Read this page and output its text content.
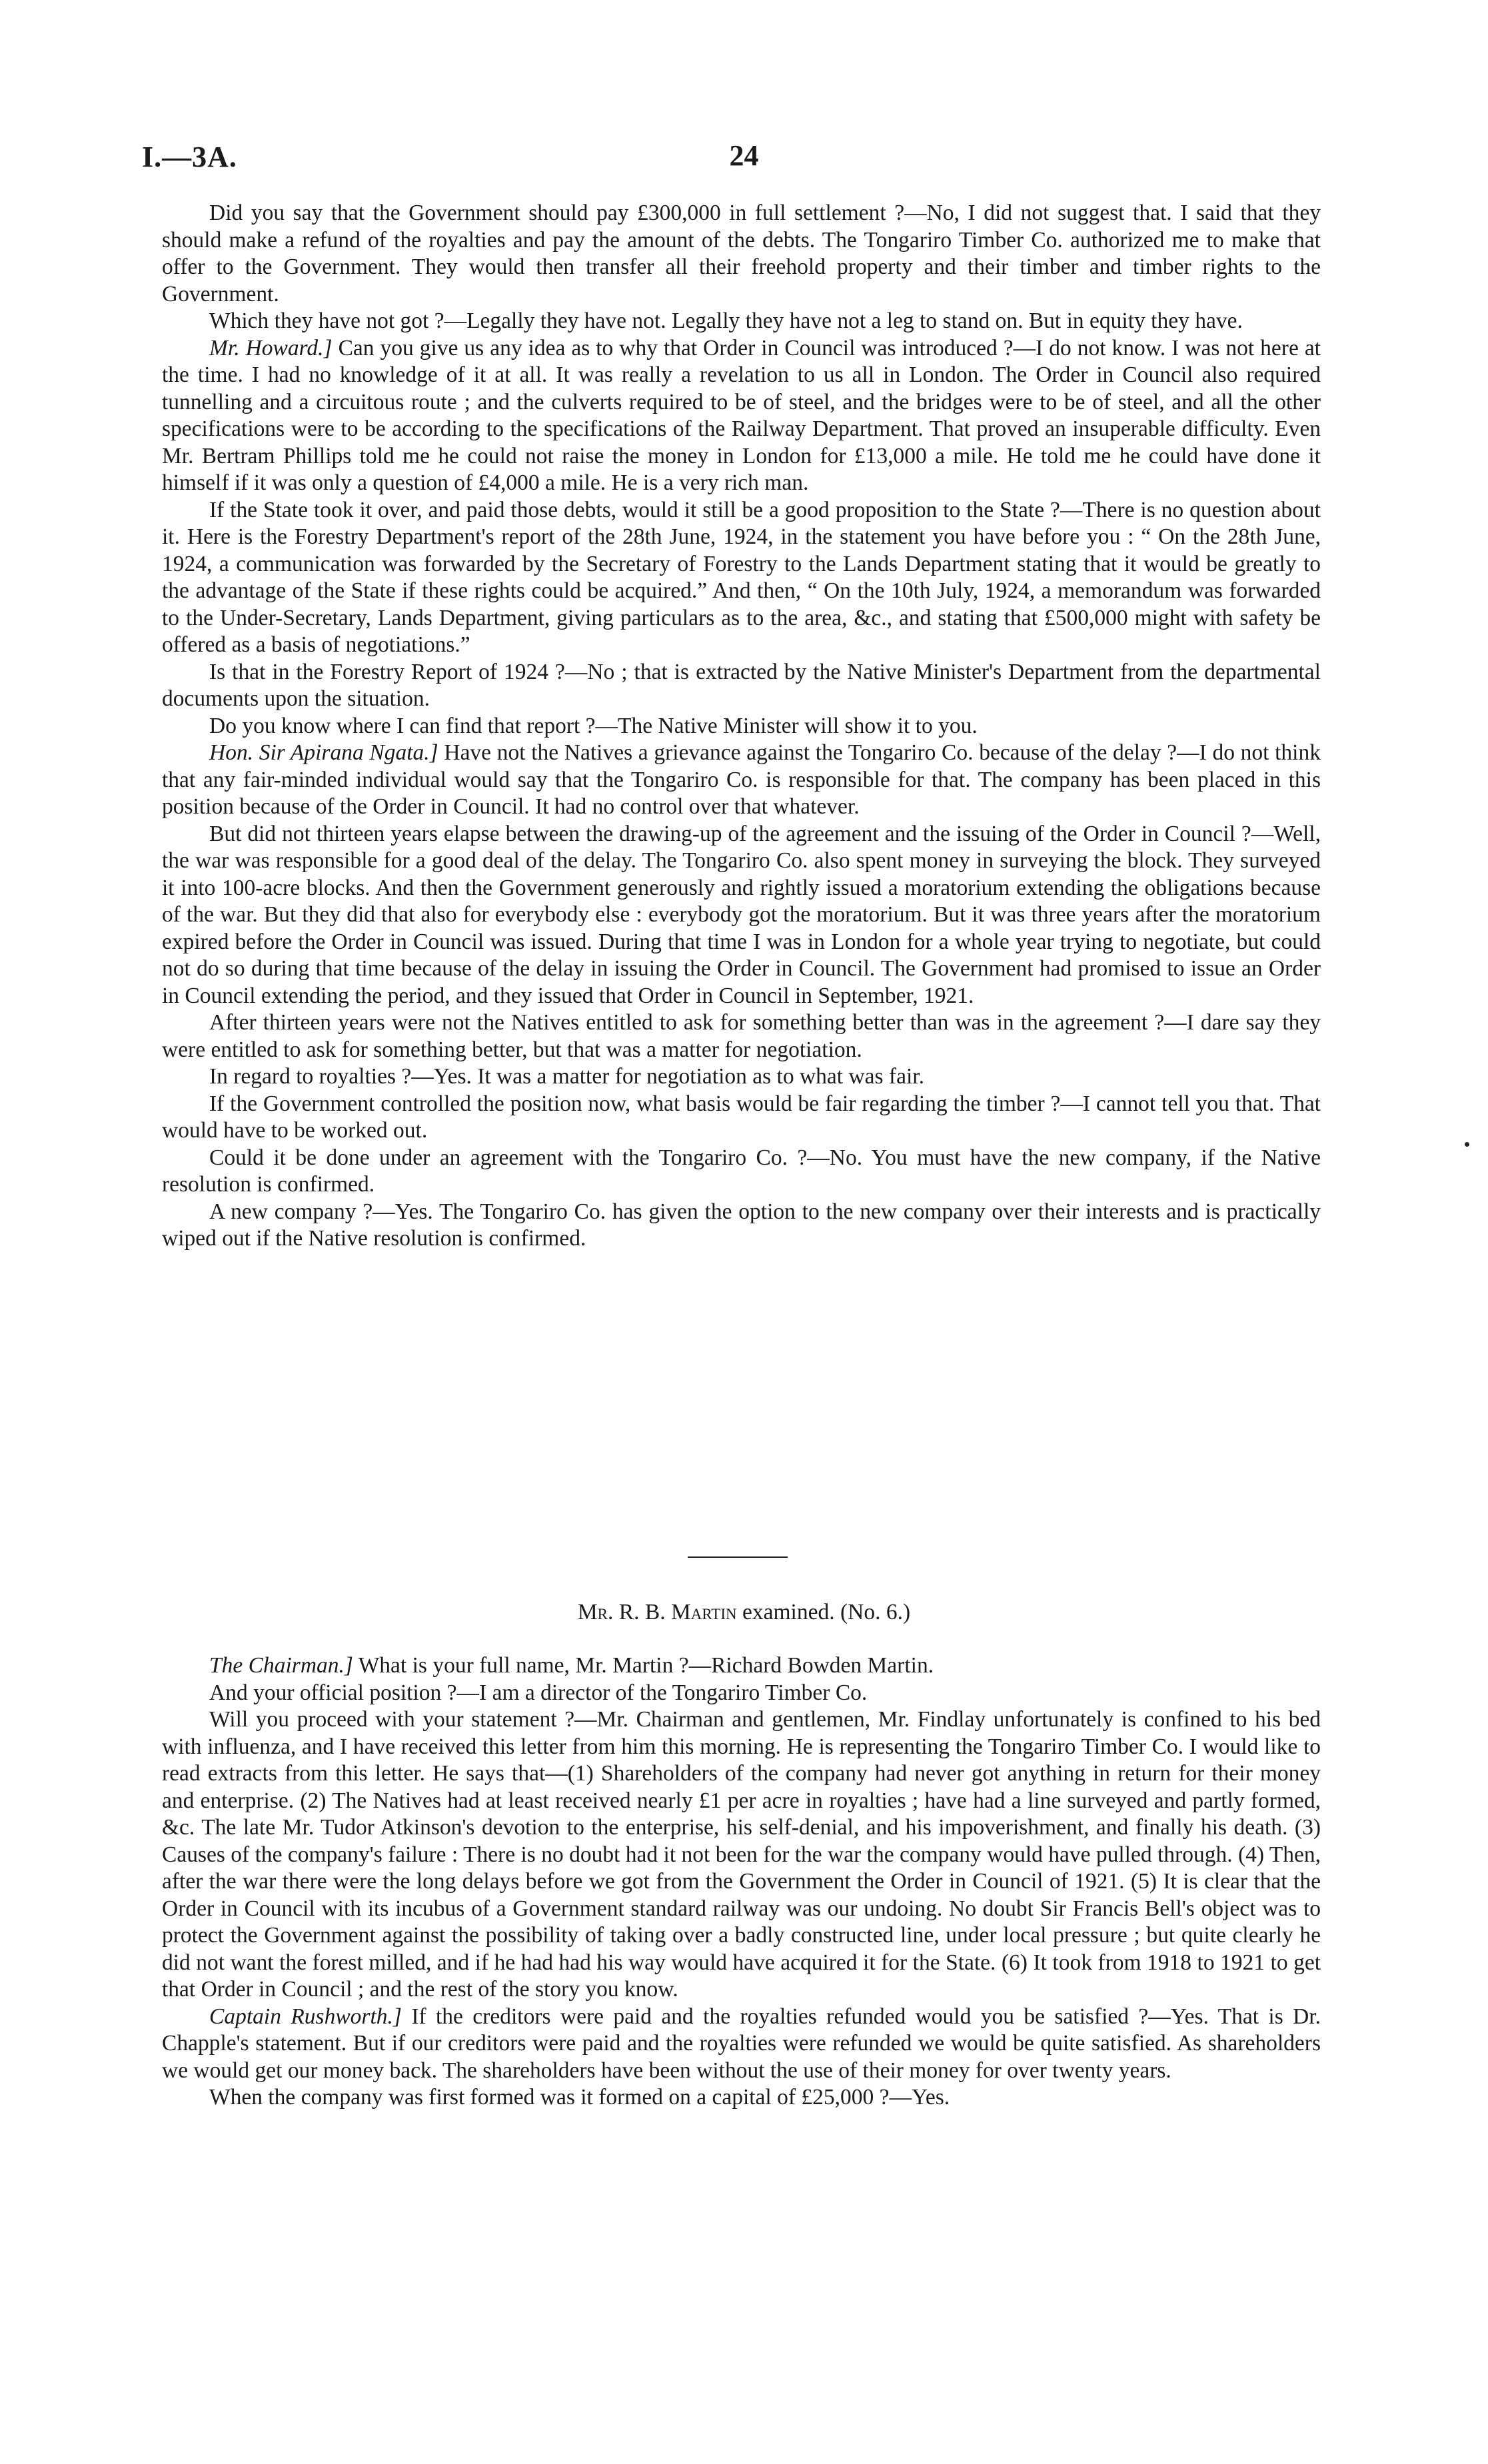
I.—3A.	24

Did you say that the Government should pay £300,000 in full settlement ?—No, I did not suggest that. I said that they should make a refund of the royalties and pay the amount of the debts. The Tongariro Timber Co. authorized me to make that offer to the Government. They would then transfer all their freehold property and their timber and timber rights to the Government.

Which they have not got ?—Legally they have not. Legally they have not a leg to stand on. But in equity they have.

Mr. Howard.] Can you give us any idea as to why that Order in Council was introduced ?—I do not know. I was not here at the time. I had no knowledge of it at all. It was really a revelation to us all in London. The Order in Council also required tunnelling and a circuitous route ; and the culverts required to be of steel, and the bridges were to be of steel, and all the other specifications were to be according to the specifications of the Railway Department. That proved an insuperable difficulty. Even Mr. Bertram Phillips told me he could not raise the money in London for £13,000 a mile. He told me he could have done it himself if it was only a question of £4,000 a mile. He is a very rich man.

If the State took it over, and paid those debts, would it still be a good proposition to the State ?—There is no question about it. Here is the Forestry Department's report of the 28th June, 1924, in the statement you have before you : “ On the 28th June, 1924, a communication was forwarded by the Secretary of Forestry to the Lands Department stating that it would be greatly to the advantage of the State if these rights could be acquired.” And then, “ On the 10th July, 1924, a memorandum was forwarded to the Under-Secretary, Lands Department, giving particulars as to the area, &c., and stating that £500,000 might with safety be offered as a basis of negotiations.”

Is that in the Forestry Report of 1924 ?—No ; that is extracted by the Native Minister's Department from the departmental documents upon the situation.

Do you know where I can find that report ?—The Native Minister will show it to you.

Hon. Sir Apirana Ngata.] Have not the Natives a grievance against the Tongariro Co. because of the delay ?—I do not think that any fair-minded individual would say that the Tongariro Co. is responsible for that. The company has been placed in this position because of the Order in Council. It had no control over that whatever.

But did not thirteen years elapse between the drawing-up of the agreement and the issuing of the Order in Council ?—Well, the war was responsible for a good deal of the delay. The Tongariro Co. also spent money in surveying the block. They surveyed it into 100-acre blocks. And then the Government generously and rightly issued a moratorium extending the obligations because of the war. But they did that also for everybody else : everybody got the moratorium. But it was three years after the moratorium expired before the Order in Council was issued. During that time I was in London for a whole year trying to negotiate, but could not do so during that time because of the delay in issuing the Order in Council. The Government had promised to issue an Order in Council extending the period, and they issued that Order in Council in September, 1921.

After thirteen years were not the Natives entitled to ask for something better than was in the agreement ?—I dare say they were entitled to ask for something better, but that was a matter for negotiation.

In regard to royalties ?—Yes. It was a matter for negotiation as to what was fair.

If the Government controlled the position now, what basis would be fair regarding the timber ?—I cannot tell you that. That would have to be worked out.

Could it be done under an agreement with the Tongariro Co. ?—No. You must have the new company, if the Native resolution is confirmed.

A new company ?—Yes. The Tongariro Co. has given the option to the new company over their interests and is practically wiped out if the Native resolution is confirmed.

Mr. R. B. Martin examined. (No. 6.)

The Chairman.] What is your full name, Mr. Martin ?—Richard Bowden Martin.

And your official position ?—I am a director of the Tongariro Timber Co.

Will you proceed with your statement ?—Mr. Chairman and gentlemen, Mr. Findlay unfortunately is confined to his bed with influenza, and I have received this letter from him this morning. He is representing the Tongariro Timber Co. I would like to read extracts from this letter. He says that—(1) Shareholders of the company had never got anything in return for their money and enterprise. (2) The Natives had at least received nearly £1 per acre in royalties ; have had a line surveyed and partly formed, &c. The late Mr. Tudor Atkinson's devotion to the enterprise, his self-denial, and his impoverishment, and finally his death. (3) Causes of the company's failure : There is no doubt had it not been for the war the company would have pulled through. (4) Then, after the war there were the long delays before we got from the Government the Order in Council of 1921. (5) It is clear that the Order in Council with its incubus of a Government standard railway was our undoing. No doubt Sir Francis Bell's object was to protect the Government against the possibility of taking over a badly constructed line, under local pressure ; but quite clearly he did not want the forest milled, and if he had had his way would have acquired it for the State. (6) It took from 1918 to 1921 to get that Order in Council ; and the rest of the story you know.

Captain Rushworth.] If the creditors were paid and the royalties refunded would you be satisfied ?—Yes. That is Dr. Chapple's statement. But if our creditors were paid and the royalties were refunded we would be quite satisfied. As shareholders we would get our money back. The shareholders have been without the use of their money for over twenty years.

When the company was first formed was it formed on a capital of £25,000 ?—Yes.
